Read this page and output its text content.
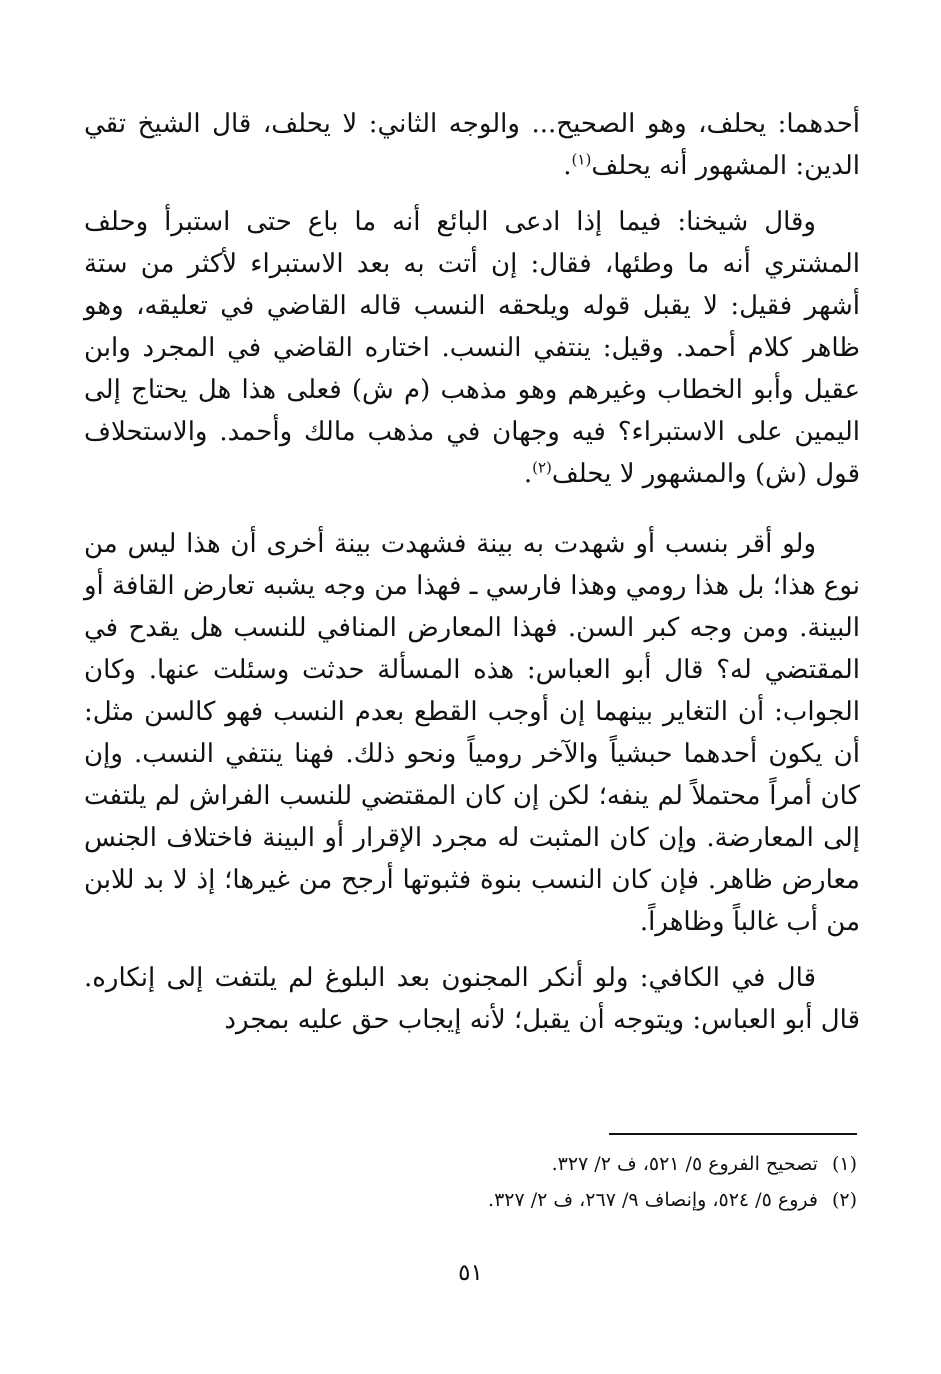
أحدهما: يحلف، وهو الصحيح... والوجه الثاني: لا يحلف، قال الشيخ تقي الدين: المشهور أنه يحلف$^{(١)}$.

وقال شيخنا: فيما إذا ادعى البائع أنه ما باع حتى استبرأ وحلف المشتري أنه ما وطئها، فقال: إن أتت به بعد الاستبراء لأكثر من ستة أشهر فقيل: لا يقبل قوله ويلحقه النسب قاله القاضي في تعليقه، وهو ظاهر كلام أحمد. وقيل: ينتفي النسب. اختاره القاضي في المجرد وابن عقيل وأبو الخطاب وغيرهم وهو مذهب (م ش) فعلى هذا هل يحتاج إلى اليمين على الاستبراء؟ فيه وجهان في مذهب مالك وأحمد. والاستحلاف قول (ش) والمشهور لا يحلف$^{(٢)}$.

ولو أقر بنسب أو شهدت به بينة فشهدت بينة أخرى أن هذا ليس من نوع هذا؛ بل هذا رومي وهذا فارسي ـ فهذا من وجه يشبه تعارض القافة أو البينة. ومن وجه كبر السن. فهذا المعارض المنافي للنسب هل يقدح في المقتضي له؟ قال أبو العباس: هذه المسألة حدثت وسئلت عنها. وكان الجواب: أن التغاير بينهما إن أوجب القطع بعدم النسب فهو كالسن مثل: أن يكون أحدهما حبشياً والآخر رومياً ونحو ذلك. فهنا ينتفي النسب. وإن كان أمراً محتملاً لم ينفه؛ لكن إن كان المقتضي للنسب الفراش لم يلتفت إلى المعارضة. وإن كان المثبت له مجرد الإقرار أو البينة فاختلاف الجنس معارض ظاهر. فإن كان النسب بنوة فثبوتها أرجح من غيرها؛ إذ لا بد للابن من أب غالباً وظاهراً.

قال في الكافي: ولو أنكر المجنون بعد البلوغ لم يلتفت إلى إنكاره. قال أبو العباس: ويتوجه أن يقبل؛ لأنه إيجاب حق عليه بمجرد

(١)تصحيح الفروع ٥/ ٥٢١، ف ٢/ ٣٢٧.

(٢)فروع ٥/ ٥٢٤، وإنصاف ٩/ ٢٦٧، ف ٢/ ٣٢٧.

٥١
